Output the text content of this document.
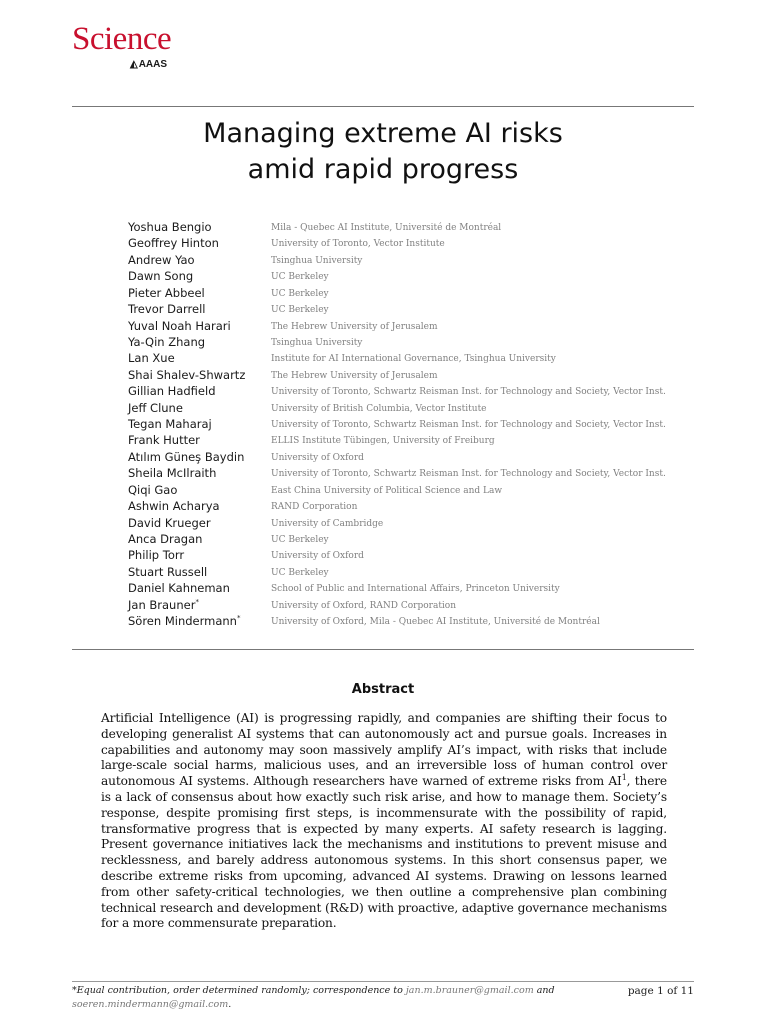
Science
◭AAAS
Managing extreme AI risks
amid rapid progress
Yoshua Bengio	Mila - Quebec AI Institute, Université de Montréal
Geoffrey Hinton	University of Toronto, Vector Institute
Andrew Yao	Tsinghua University
Dawn Song	UC Berkeley
Pieter Abbeel	UC Berkeley
Trevor Darrell	UC Berkeley
Yuval Noah Harari	The Hebrew University of Jerusalem
Ya-Qin Zhang	Tsinghua University
Lan Xue	Institute for AI International Governance, Tsinghua University
Shai Shalev-Shwartz	The Hebrew University of Jerusalem
Gillian Hadfield	University of Toronto, Schwartz Reisman Inst. for Technology and Society, Vector Inst.
Jeff Clune	University of British Columbia, Vector Institute
Tegan Maharaj	University of Toronto, Schwartz Reisman Inst. for Technology and Society, Vector Inst.
Frank Hutter	ELLIS Institute Tübingen, University of Freiburg
Atılım Güneş Baydin	University of Oxford
Sheila McIlraith	University of Toronto, Schwartz Reisman Inst. for Technology and Society, Vector Inst.
Qiqi Gao	East China University of Political Science and Law
Ashwin Acharya	RAND Corporation
David Krueger	University of Cambridge
Anca Dragan	UC Berkeley
Philip Torr	University of Oxford
Stuart Russell	UC Berkeley
Daniel Kahneman	School of Public and International Affairs, Princeton University
Jan Brauner*	University of Oxford, RAND Corporation
Sören Mindermann*	University of Oxford, Mila - Quebec AI Institute, Université de Montréal
Abstract
Artificial Intelligence (AI) is progressing rapidly, and companies are shifting their focus to developing generalist AI systems that can autonomously act and pursue goals. Increases in capabilities and autonomy may soon massively amplify AI’s impact, with risks that include large-scale social harms, malicious uses, and an irreversible loss of human control over autonomous AI systems. Although researchers have warned of extreme risks from $AI^1$, there is a lack of consensus about how exactly such risk arise, and how to manage them. Society’s response, despite promising first steps, is incommensurate with the possibility of rapid, transformative progress that is expected by many experts. AI safety research is lagging. Present governance initiatives lack the mechanisms and institutions to prevent misuse and recklessness, and barely address autonomous systems. In this short consensus paper, we describe extreme risks from upcoming, advanced AI systems. Drawing on lessons learned from other safety-critical technologies, we then outline a comprehensive plan combining technical research and development (R&D) with proactive, adaptive governance mechanisms for a more commensurate preparation.
*Equal contribution, order determined randomly; correspondence to jan.m.brauner@gmail.com and
soeren.mindermann@gmail.com.
page 1 of 11
